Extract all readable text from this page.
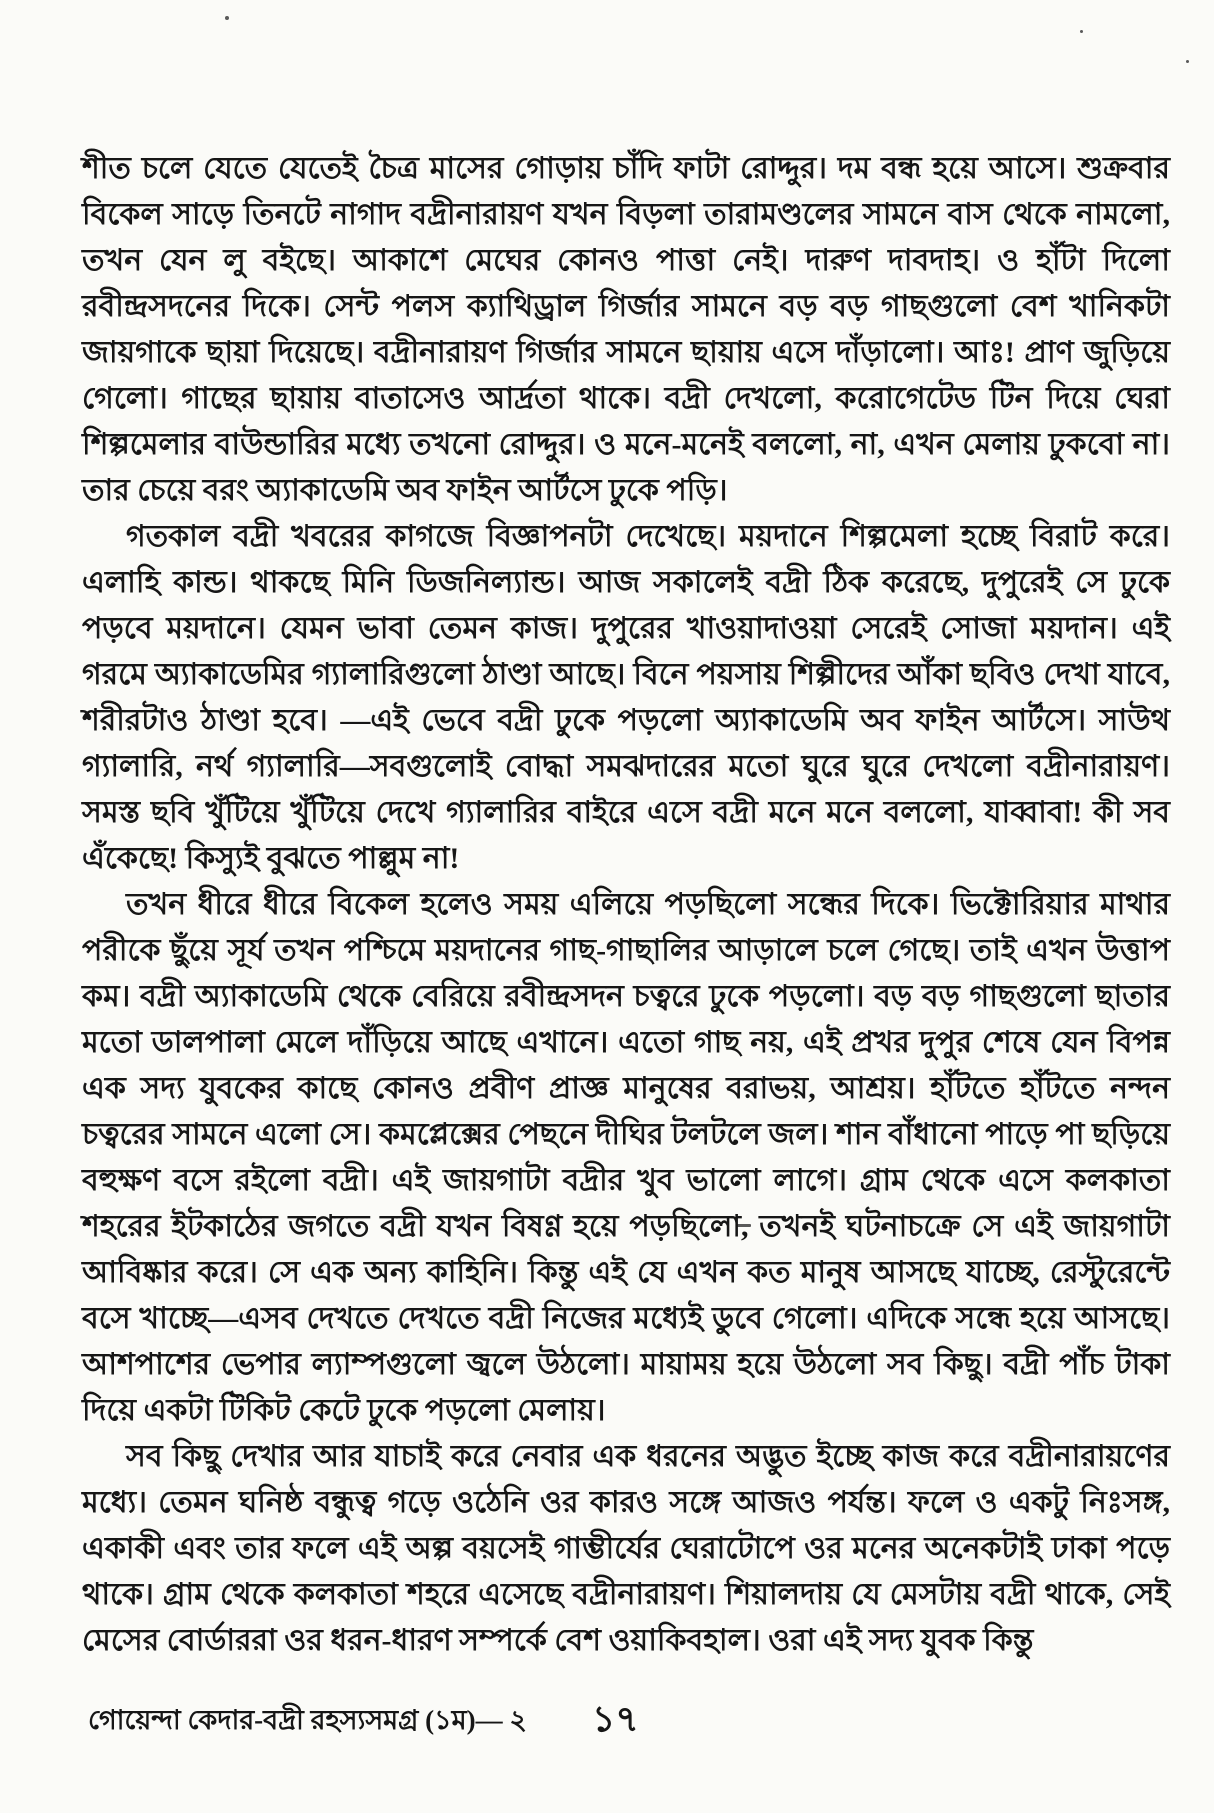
শীত চলে যেতে যেতেই চৈত্র মাসের গোড়ায় চাঁদি ফাটা রোদ্দুর। দম বন্ধ হয়ে আসে। শুক্রবার বিকেল সাড়ে তিনটে নাগাদ বদ্রীনারায়ণ যখন বিড়লা তারামণ্ডলের সামনে বাস থেকে নামলো, তখন যেন লু বইছে। আকাশে মেঘের কোনও পাত্তা নেই। দারুণ দাবদাহ। ও হাঁটা দিলো রবীন্দ্রসদনের দিকে। সেন্ট পলস ক্যাথিড্রাল গির্জার সামনে বড় বড় গাছগুলো বেশ খানিকটা জায়গাকে ছায়া দিয়েছে। বদ্রীনারায়ণ গির্জার সামনে ছায়ায় এসে দাঁড়ালো। আঃ! প্রাণ জুড়িয়ে গেলো। গাছের ছায়ায় বাতাসেও আর্দ্রতা থাকে। বদ্রী দেখলো, করোগেটেড টিন দিয়ে ঘেরা শিল্পমেলার বাউন্ডারির মধ্যে তখনো রোদ্দুর। ও মনে-মনেই বললো, না, এখন মেলায় ঢুকবো না। তার চেয়ে বরং অ্যাকাডেমি অব ফাইন আর্টসে ঢুকে পড়ি।

গতকাল বদ্রী খবরের কাগজে বিজ্ঞাপনটা দেখেছে। ময়দানে শিল্পমেলা হচ্ছে বিরাট করে। এলাহি কান্ড। থাকছে মিনি ডিজনিল্যান্ড। আজ সকালেই বদ্রী ঠিক করেছে, দুপুরেই সে ঢুকে পড়বে ময়দানে। যেমন ভাবা তেমন কাজ। দুপুরের খাওয়াদাওয়া সেরেই সোজা ময়দান। এই গরমে অ্যাকাডেমির গ্যালারিগুলো ঠাণ্ডা আছে। বিনে পয়সায় শিল্পীদের আঁকা ছবিও দেখা যাবে, শরীরটাও ঠাণ্ডা হবে। —এই ভেবে বদ্রী ঢুকে পড়লো অ্যাকাডেমি অব ফাইন আর্টসে। সাউথ গ্যালারি, নর্থ গ্যালারি—সবগুলোই বোদ্ধা সমঝদারের মতো ঘুরে ঘুরে দেখলো বদ্রীনারায়ণ। সমস্ত ছবি খুঁটিয়ে খুঁটিয়ে দেখে গ্যালারির বাইরে এসে বদ্রী মনে মনে বললো, যাব্বাবা! কী সব এঁকেছে! কিস্যুই বুঝতে পাল্লুম না!

তখন ধীরে ধীরে বিকেল হলেও সময় এলিয়ে পড়ছিলো সন্ধের দিকে। ভিক্টোরিয়ার মাথার পরীকে ছুঁয়ে সূর্য তখন পশ্চিমে ময়দানের গাছ-গাছালির আড়ালে চলে গেছে। তাই এখন উত্তাপ কম। বদ্রী অ্যাকাডেমি থেকে বেরিয়ে রবীন্দ্রসদন চত্বরে ঢুকে পড়লো। বড় বড় গাছগুলো ছাতার মতো ডালপালা মেলে দাঁড়িয়ে আছে এখানে। এতো গাছ নয়, এই প্রখর দুপুর শেষে যেন বিপন্ন এক সদ্য যুবকের কাছে কোনও প্রবীণ প্রাজ্ঞ মানুষের বরাভয়, আশ্রয়। হাঁটতে হাঁটতে নন্দন চত্বরের সামনে এলো সে। কমপ্লেক্সের পেছনে দীঘির টলটলে জল। শান বাঁধানো পাড়ে পা ছড়িয়ে বহুক্ষণ বসে রইলো বদ্রী। এই জায়গাটা বদ্রীর খুব ভালো লাগে। গ্রাম থেকে এসে কলকাতা শহরের ইটকাঠের জগতে বদ্রী যখন বিষণ্ণ হয়ে পড়ছিলো, তখনই ঘটনাচক্রে সে এই জায়গাটা আবিষ্কার করে। সে এক অন্য কাহিনি। কিন্তু এই যে এখন কত মানুষ আসছে যাচ্ছে, রেস্টুরেন্টে বসে খাচ্ছে—এসব দেখতে দেখতে বদ্রী নিজের মধ্যেই ডুবে গেলো। এদিকে সন্ধে হয়ে আসছে। আশপাশের ভেপার ল্যাম্পগুলো জ্বলে উঠলো। মায়াময় হয়ে উঠলো সব কিছু। বদ্রী পাঁচ টাকা দিয়ে একটা টিকিট কেটে ঢুকে পড়লো মেলায়।

সব কিছু দেখার আর যাচাই করে নেবার এক ধরনের অদ্ভুত ইচ্ছে কাজ করে বদ্রীনারায়ণের মধ্যে। তেমন ঘনিষ্ঠ বন্ধুত্ব গড়ে ওঠেনি ওর কারও সঙ্গে আজও পর্যন্ত। ফলে ও একটু নিঃসঙ্গ, একাকী এবং তার ফলে এই অল্প বয়সেই গাম্ভীর্যের ঘেরাটোপে ওর মনের অনেকটাই ঢাকা পড়ে থাকে। গ্রাম থেকে কলকাতা শহরে এসেছে বদ্রীনারায়ণ। শিয়ালদায় যে মেসটায় বদ্রী থাকে, সেই মেসের বোর্ডাররা ওর ধরন-ধারণ সম্পর্কে বেশ ওয়াকিবহাল। ওরা এই সদ্য যুবক কিন্তু

গোয়েন্দা কেদার-বদ্রী রহস্যসমগ্র (১ম)— ২ ১৭
